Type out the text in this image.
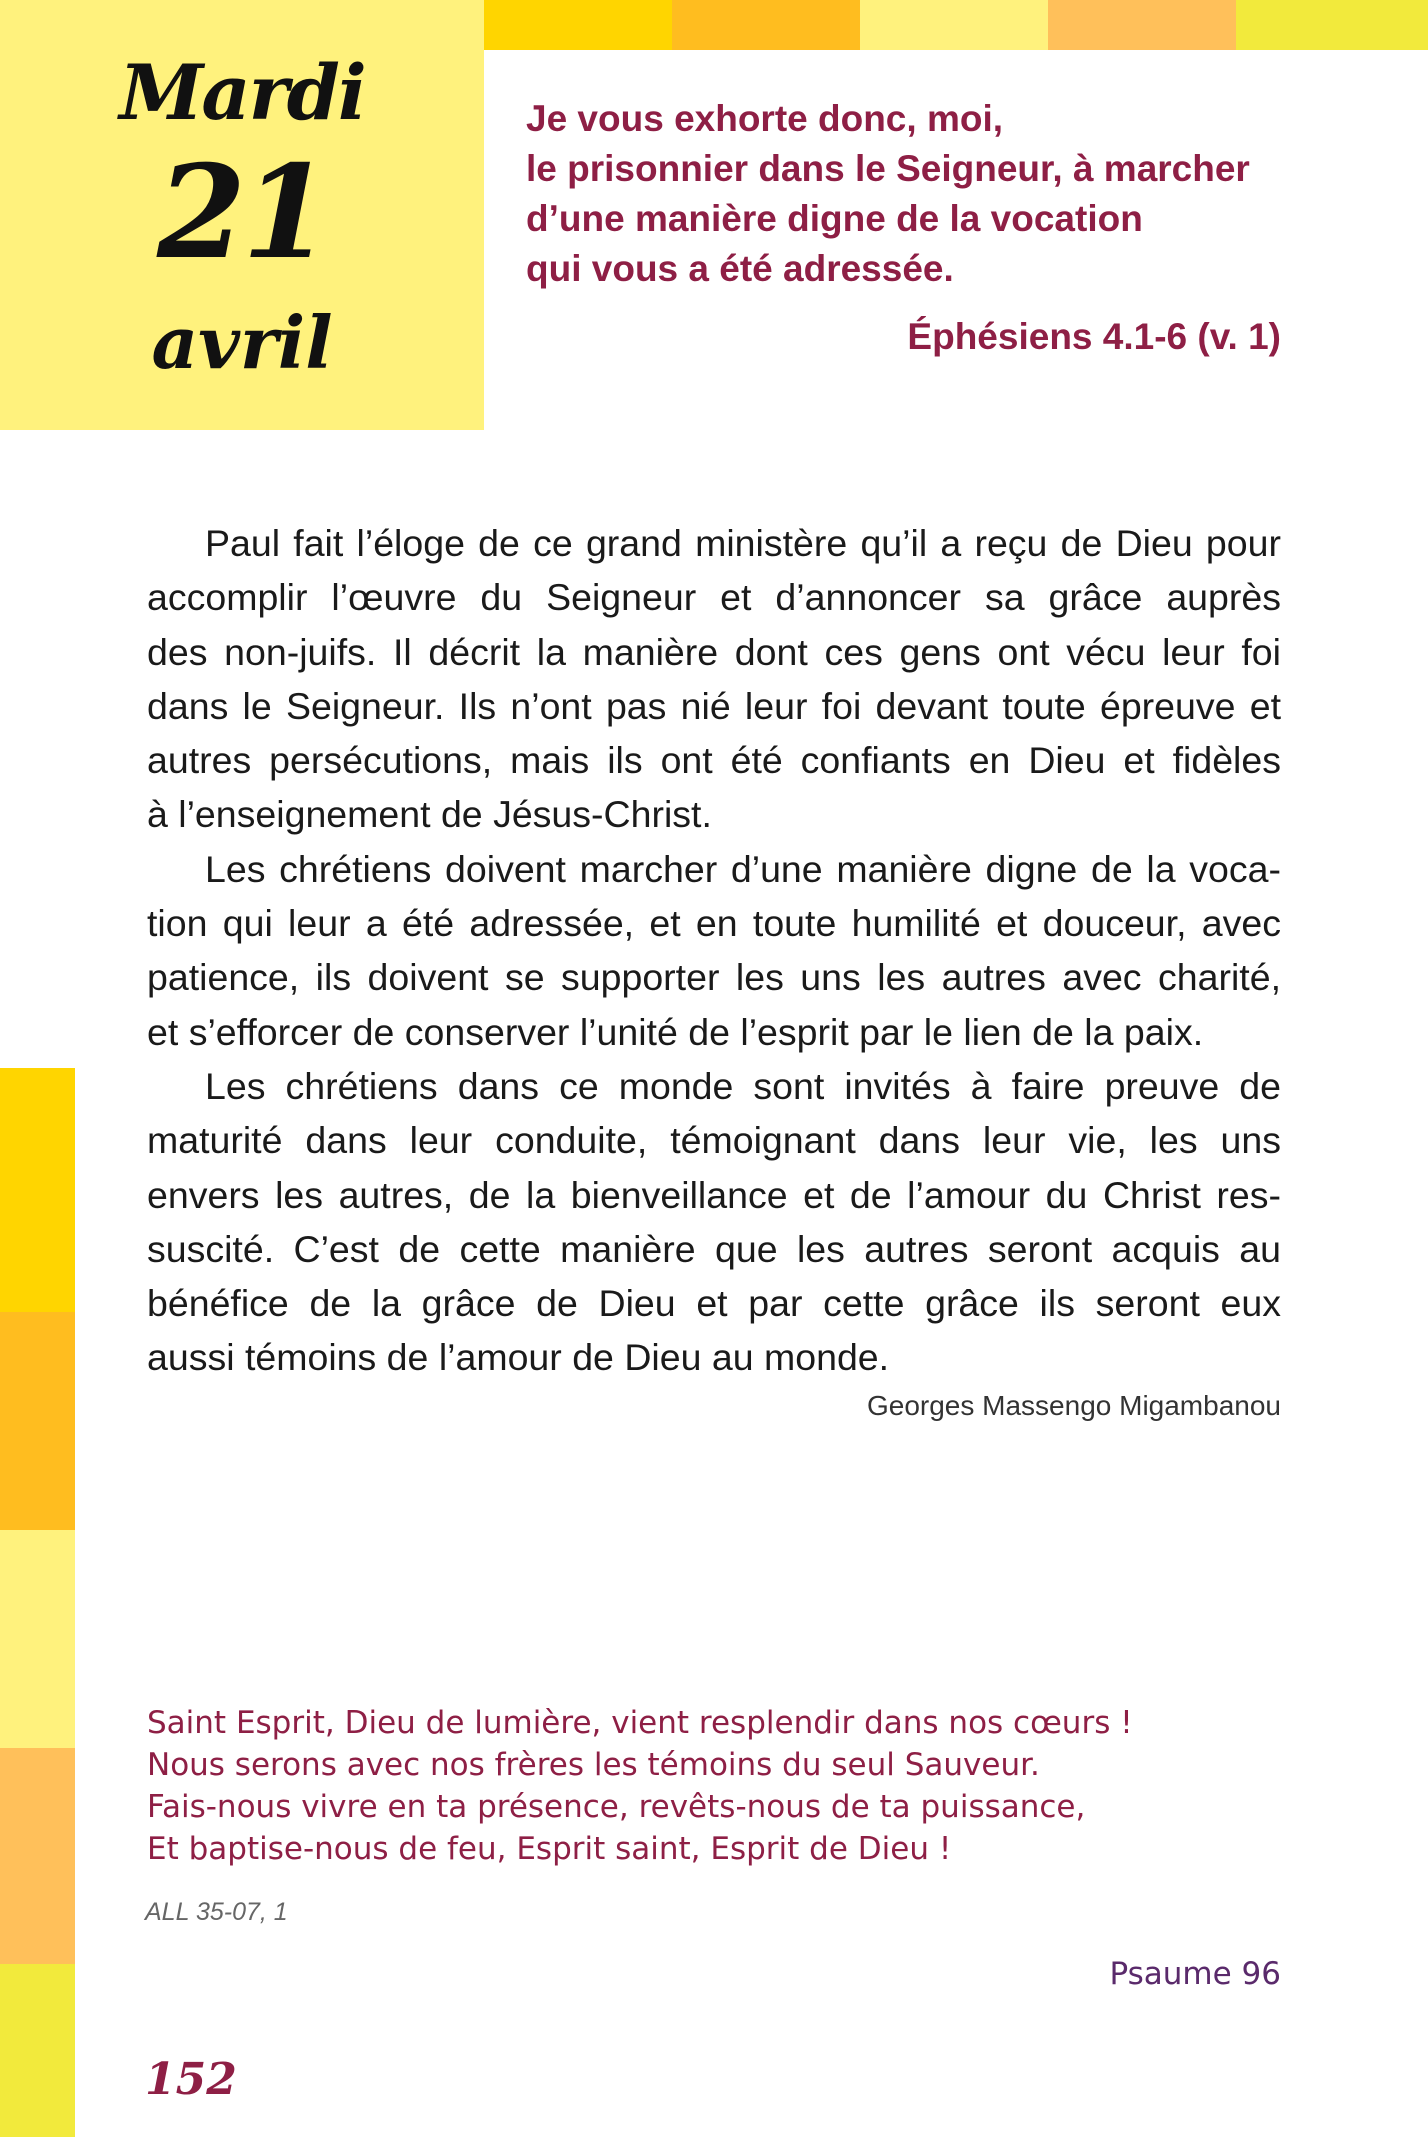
Mardi
21
avril
Je vous exhorte donc, moi,
le prisonnier dans le Seigneur, à marcher
d’une manière digne de la vocation
qui vous a été adressée.
Éphésiens 4.1-6 (v. 1)
Paul fait l’éloge de ce grand ministère qu’il a reçu de Dieu pour
accomplir l’œuvre du Seigneur et d’annoncer sa grâce auprès
des non-juifs. Il décrit la manière dont ces gens ont vécu leur foi
dans le Seigneur. Ils n’ont pas nié leur foi devant toute épreuve et
autres persécutions, mais ils ont été confiants en Dieu et fidèles
à l’enseignement de Jésus-Christ.
Les chrétiens doivent marcher d’une manière digne de la voca-
tion qui leur a été adressée, et en toute humilité et douceur, avec
patience, ils doivent se supporter les uns les autres avec charité,
et s’efforcer de conserver l’unité de l’esprit par le lien de la paix.
Les chrétiens dans ce monde sont invités à faire preuve de
maturité dans leur conduite, témoignant dans leur vie, les uns
envers les autres, de la bienveillance et de l’amour du Christ res-
suscité. C’est de cette manière que les autres seront acquis au
bénéfice de la grâce de Dieu et par cette grâce ils seront eux
aussi témoins de l’amour de Dieu au monde.
Georges Massengo Migambanou
Saint Esprit, Dieu de lumière, vient resplendir dans nos cœurs !
Nous serons avec nos frères les témoins du seul Sauveur.
Fais-nous vivre en ta présence, revêts-nous de ta puissance,
Et baptise-nous de feu, Esprit saint, Esprit de Dieu !
ALL 35-07, 1
Psaume 96
152
